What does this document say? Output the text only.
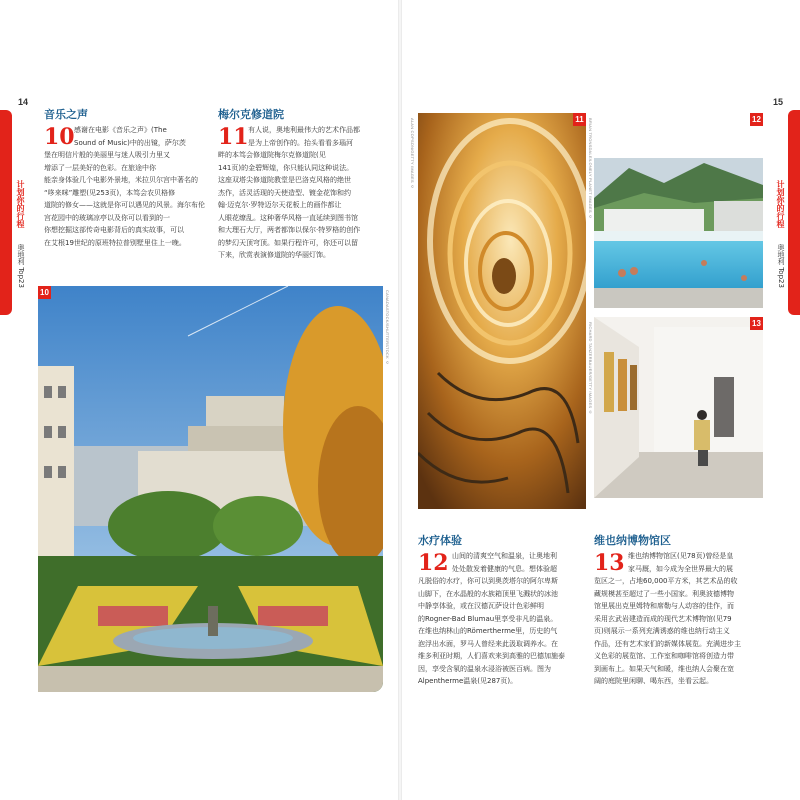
14	15
计划你的行程
奥地利 Top23
计划你的行程
奥地利 Top23
音乐之声
10 感谢在电影《音乐之声》(The
Sound of Music)中的出镜，萨尔茨
堡在明信片般的美丽里与迷人吸引力里又
增添了一层美好的色彩。在旅途中你
能亲身体验几个电影外景地，米拉贝尔宫中著名的
“哆来咪”雕塑(见253页)，本笃会农贝格修
道院的修女——这就是你可以遇见的风景。海尔布伦
宫花园中的玻璃凉亭以及你可以看到的一
你想挖掘这部传奇电影背后的真实故事，可以
在艾根19世纪的原班特拉普别墅里住上一晚。
梅尔克修道院
11 有人说，奥地利最伟大的艺术作品都
是为上帝创作的。抬头看看多瑙河
畔的本笃会修道院梅尔克修道院(见
141页)的金碧辉煌，你只能认同这种说法。
这座双塔尖修道院教堂是巴洛克风格的绝世
杰作，活灵活现的天使造型、镀金花饰和约
翰·迈克尔·罗特迈尔天花板上的画作都让
人眼花缭乱。这种奢华风格一直延续到图书馆
和大理石大厅，两者都饰以保尔·特罗格的创作
的梦幻天顶穹顶。如果行程许可，你还可以留
下来，欣赏表演修道院的华丽灯饰。
10	CANADASTOCK/SHUTTERSTOCK ©
11
ALAN COPSON/GETTY IMAGES ©	12
BRIAN TRONSDALE/LONELY PLANET IMAGES ©
13
RICHARD TANZERBAUER/GETTY IMAGES ©
水疗体验
12 山间的清爽空气和温泉，让奥地利
处处散发着健康的气息。想体验超
凡脱俗的水疗，你可以到奥茨塔尔的阿尔卑斯
山脚下，在水晶般的水族箱顶里飞溅状的冰池
中静享体验，或在汉德瓦萨设计色彩鲜明
的Rogner-Bad Blumau里享受非凡的温泉。
在维也纳林山的Römertherme里，历史的气
泡浮出水面，罗马人曾经来此汲取调养水。在
维多利亚时期，人们喜欢来到高雅的巴德加施泰
因，享受含氡的温泉水浸浴被医百病。图为
Alpentherme温泉(见287页)。
维也纳博物馆区
13 维也纳博物馆区(见78页)曾经是皇
家马厩，如今成为全世界最大的展
览区之一，占地60,000平方米，其艺术品的收
藏规模甚至超过了一些小国家。利奥波德博物
馆里展出克里姆特和席勒与人动容的佳作，而
采用玄武岩建造而成的现代艺术博物馆(见79
页)则展示一系列充满诱惑的维也纳行动主义
作品，还有艺术家们的新媒体展览。充满进步主
义色彩的展览馆、工作室和咖啡馆将创造力带
到画布上。如果天气和暖，维也纳人会聚在宽
阔的庭院里闲聊、喝东西，坐看云起。
